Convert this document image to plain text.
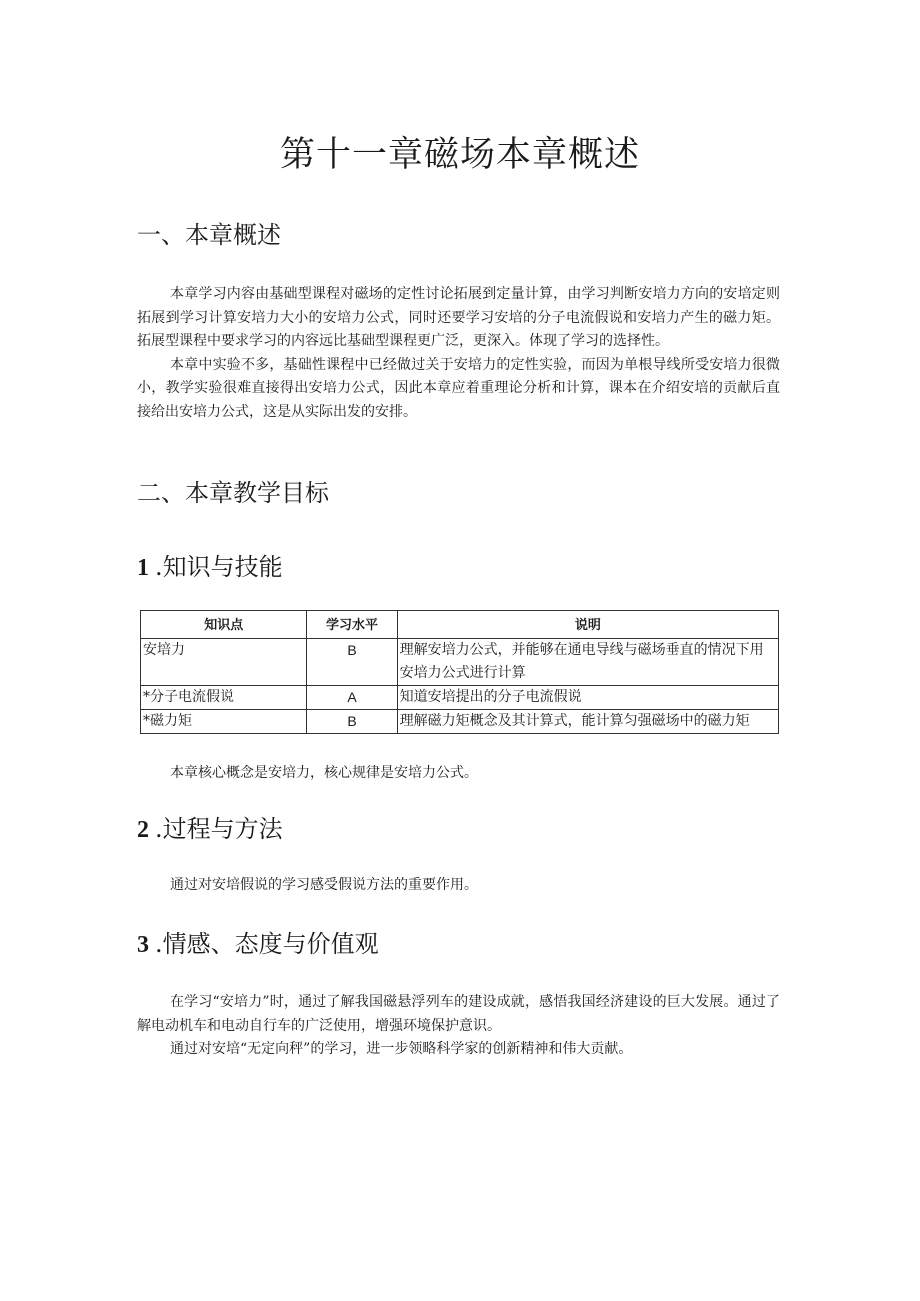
第十一章磁场本章概述
一、本章概述

本章学习内容由基础型课程对磁场的定性讨论拓展到定量计算，由学习判断安培力方向的安培定则拓展到学习计算安培力大小的安培力公式，同时还要学习安培的分子电流假说和安培力产生的磁力矩。拓展型课程中要求学习的内容远比基础型课程更广泛，更深入。体现了学习的选择性。

本章中实验不多，基础性课程中已经做过关于安培力的定性实验，而因为单根导线所受安培力很微小，教学实验很难直接得出安培力公式，因此本章应着重理论分析和计算，课本在介绍安培的贡献后直接给出安培力公式，这是从实际出发的安排。

二、本章教学目标
1 .知识与技能
知识点	学习水平	说明
安培力	B	理解安培力公式，并能够在通电导线与磁场垂直的情况下用安培力公式进行计算
*分子电流假说	A	知道安培提出的分子电流假说
*磁力矩	B	理解磁力矩概念及其计算式，能计算匀强磁场中的磁力矩

本章核心概念是安培力，核心规律是安培力公式。

2 .过程与方法

通过对安培假说的学习感受假说方法的重要作用。

3 .情感、态度与价值观

在学习“安培力”时，通过了解我国磁悬浮列车的建设成就，感悟我国经济建设的巨大发展。通过了解电动机车和电动自行车的广泛使用，增强环境保护意识。

通过对安培“无定向秤”的学习，进一步领略科学家的创新精神和伟大贡献。
